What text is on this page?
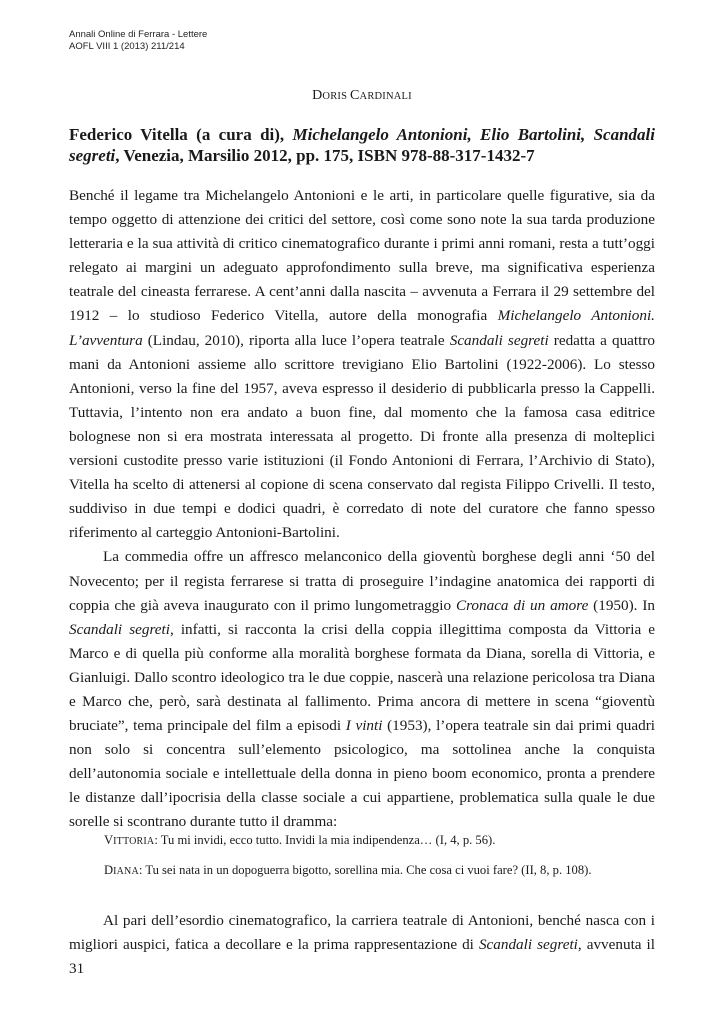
Annali Online di Ferrara - Lettere
AOFL VIII 1 (2013) 211/214
DORIS CARDINALI
Federico Vitella (a cura di), Michelangelo Antonioni, Elio Bartolini, Scandali segreti, Venezia, Marsilio 2012, pp. 175, ISBN 978-88-317-1432-7

Benché il legame tra Michelangelo Antonioni e le arti, in particolare quelle figurative, sia da tempo oggetto di attenzione dei critici del settore, così come sono note la sua tarda produzione letteraria e la sua attività di critico cinematografico durante i primi anni romani, resta a tutt’oggi relegato ai margini un adeguato approfondimento sulla breve, ma significativa esperienza teatrale del cineasta ferrarese. A cent’anni dalla nascita – avvenuta a Ferrara il 29 settembre del 1912 – lo studioso Federico Vitella, autore della monografia Michelangelo Antonioni. L’avventura (Lindau, 2010), riporta alla luce l’opera teatrale Scandali segreti redatta a quattro mani da Antonioni assieme allo scrittore trevigiano Elio Bartolini (1922-2006). Lo stesso Antonioni, verso la fine del 1957, aveva espresso il desiderio di pubblicarla presso la Cappelli. Tuttavia, l’intento non era andato a buon fine, dal momento che la famosa casa editrice bolognese non si era mostrata interessata al progetto. Di fronte alla presenza di molteplici versioni custodite presso varie istituzioni (il Fondo Antonioni di Ferrara, l’Archivio di Stato), Vitella ha scelto di attenersi al copione di scena conservato dal regista Filippo Crivelli. Il testo, suddiviso in due tempi e dodici quadri, è corredato di note del curatore che fanno spesso riferimento al carteggio Antonioni-Bartolini.

La commedia offre un affresco melanconico della gioventù borghese degli anni ‘50 del Novecento; per il regista ferrarese si tratta di proseguire l’indagine anatomica dei rapporti di coppia che già aveva inaugurato con il primo lungometraggio Cronaca di un amore (1950). In Scandali segreti, infatti, si racconta la crisi della coppia illegittima composta da Vittoria e Marco e di quella più conforme alla moralità borghese formata da Diana, sorella di Vittoria, e Gianluigi. Dallo scontro ideologico tra le due coppie, nascerà una relazione pericolosa tra Diana e Marco che, però, sarà destinata al fallimento. Prima ancora di mettere in scena “gioventù bruciate”, tema principale del film a episodi I vinti (1953), l’opera teatrale sin dai primi quadri non solo si concentra sull’elemento psicologico, ma sottolinea anche la conquista dell’autonomia sociale e intellettuale della donna in pieno boom economico, pronta a prendere le distanze dall’ipocrisia della classe sociale a cui appartiene, problematica sulla quale le due sorelle si scontrano durante tutto il dramma:

VITTORIA: Tu mi invidi, ecco tutto. Invidi la mia indipendenza… (I, 4, p. 56).

DIANA: Tu sei nata in un dopoguerra bigotto, sorellina mia. Che cosa ci vuoi fare? (II, 8, p. 108).

Al pari dell’esordio cinematografico, la carriera teatrale di Antonioni, benché nasca con i migliori auspici, fatica a decollare e la prima rappresentazione di Scandali segreti, avvenuta il 31
